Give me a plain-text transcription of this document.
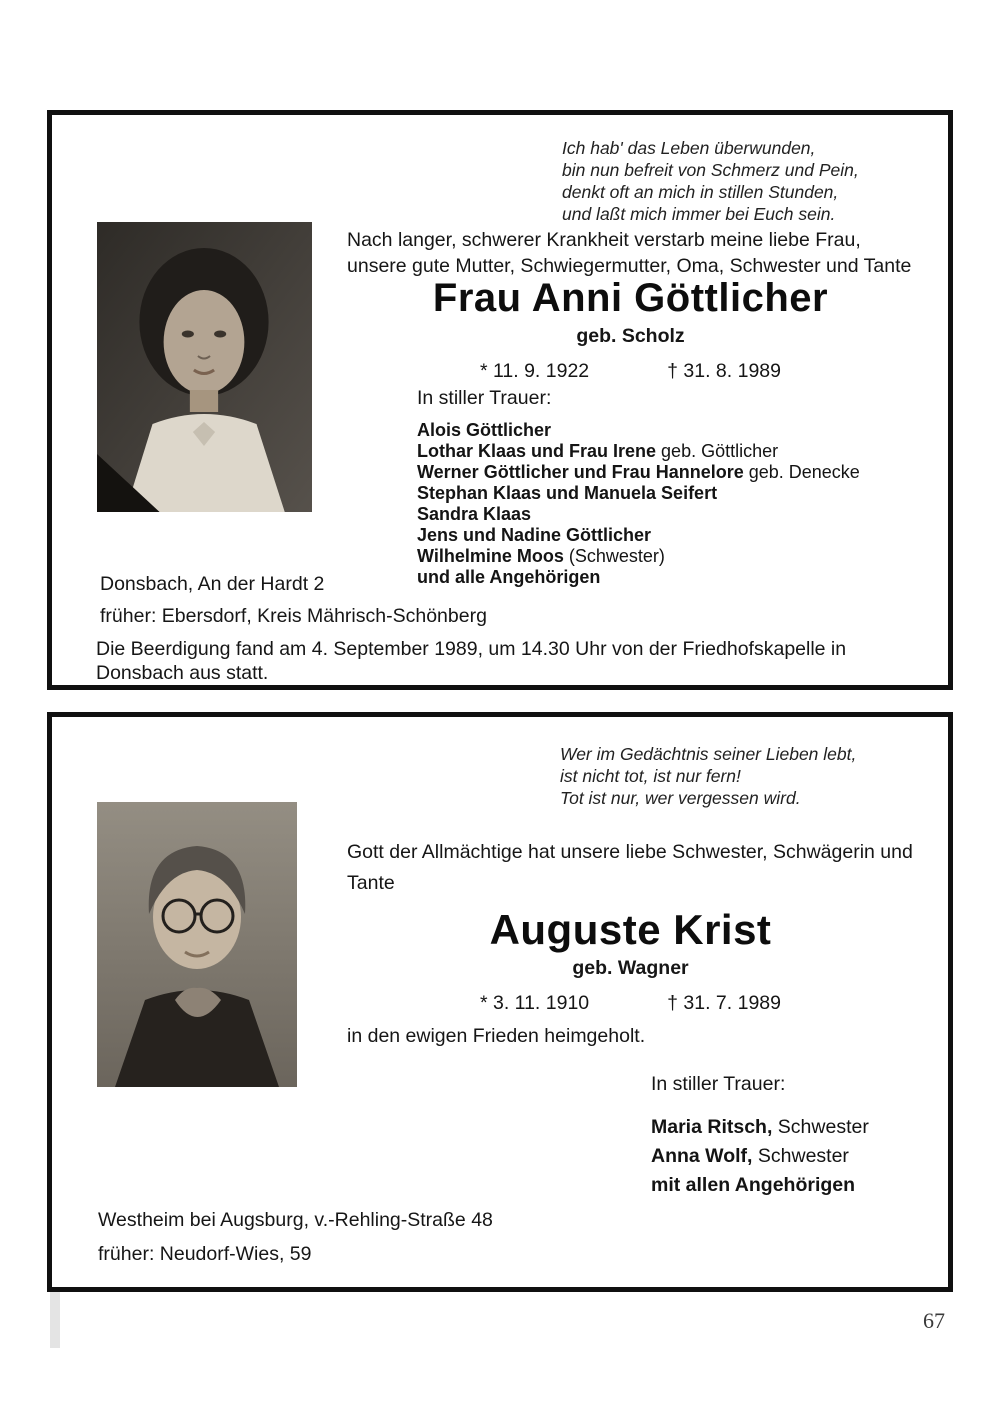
Ich hab' das Leben überwunden,
bin nun befreit von Schmerz und Pein,
denkt oft an mich in stillen Stunden,
und laßt mich immer bei Euch sein.

Nach langer, schwerer Krankheit verstarb meine liebe Frau, unsere gute Mutter, Schwiegermutter, Oma, Schwester und Tante

Frau Anni Göttlicher
geb. Scholz
* 11. 9. 1922	† 31. 8. 1989
In stiller Trauer:
Alois Göttlicher
Lothar Klaas und Frau Irene geb. Göttlicher
Werner Göttlicher und Frau Hannelore geb. Denecke
Stephan Klaas und Manuela Seifert
Sandra Klaas
Jens und Nadine Göttlicher
Wilhelmine Moos (Schwester)
und alle Angehörigen
Donsbach, An der Hardt 2
früher: Ebersdorf, Kreis Mährisch-Schönberg

Die Beerdigung fand am 4. September 1989, um 14.30 Uhr von der Friedhofskapelle in Donsbach aus statt.

Wer im Gedächtnis seiner Lieben lebt,
ist nicht tot, ist nur fern!
Tot ist nur, wer vergessen wird.

Gott der Allmächtige hat unsere liebe Schwester, Schwägerin und Tante

Auguste Krist
geb. Wagner
* 3. 11. 1910	† 31. 7. 1989

in den ewigen Frieden heimgeholt.

In stiller Trauer:
Maria Ritsch, Schwester
Anna Wolf, Schwester
mit allen Angehörigen
Westheim bei Augsburg, v.-Rehling-Straße 48
früher: Neudorf-Wies, 59
67
